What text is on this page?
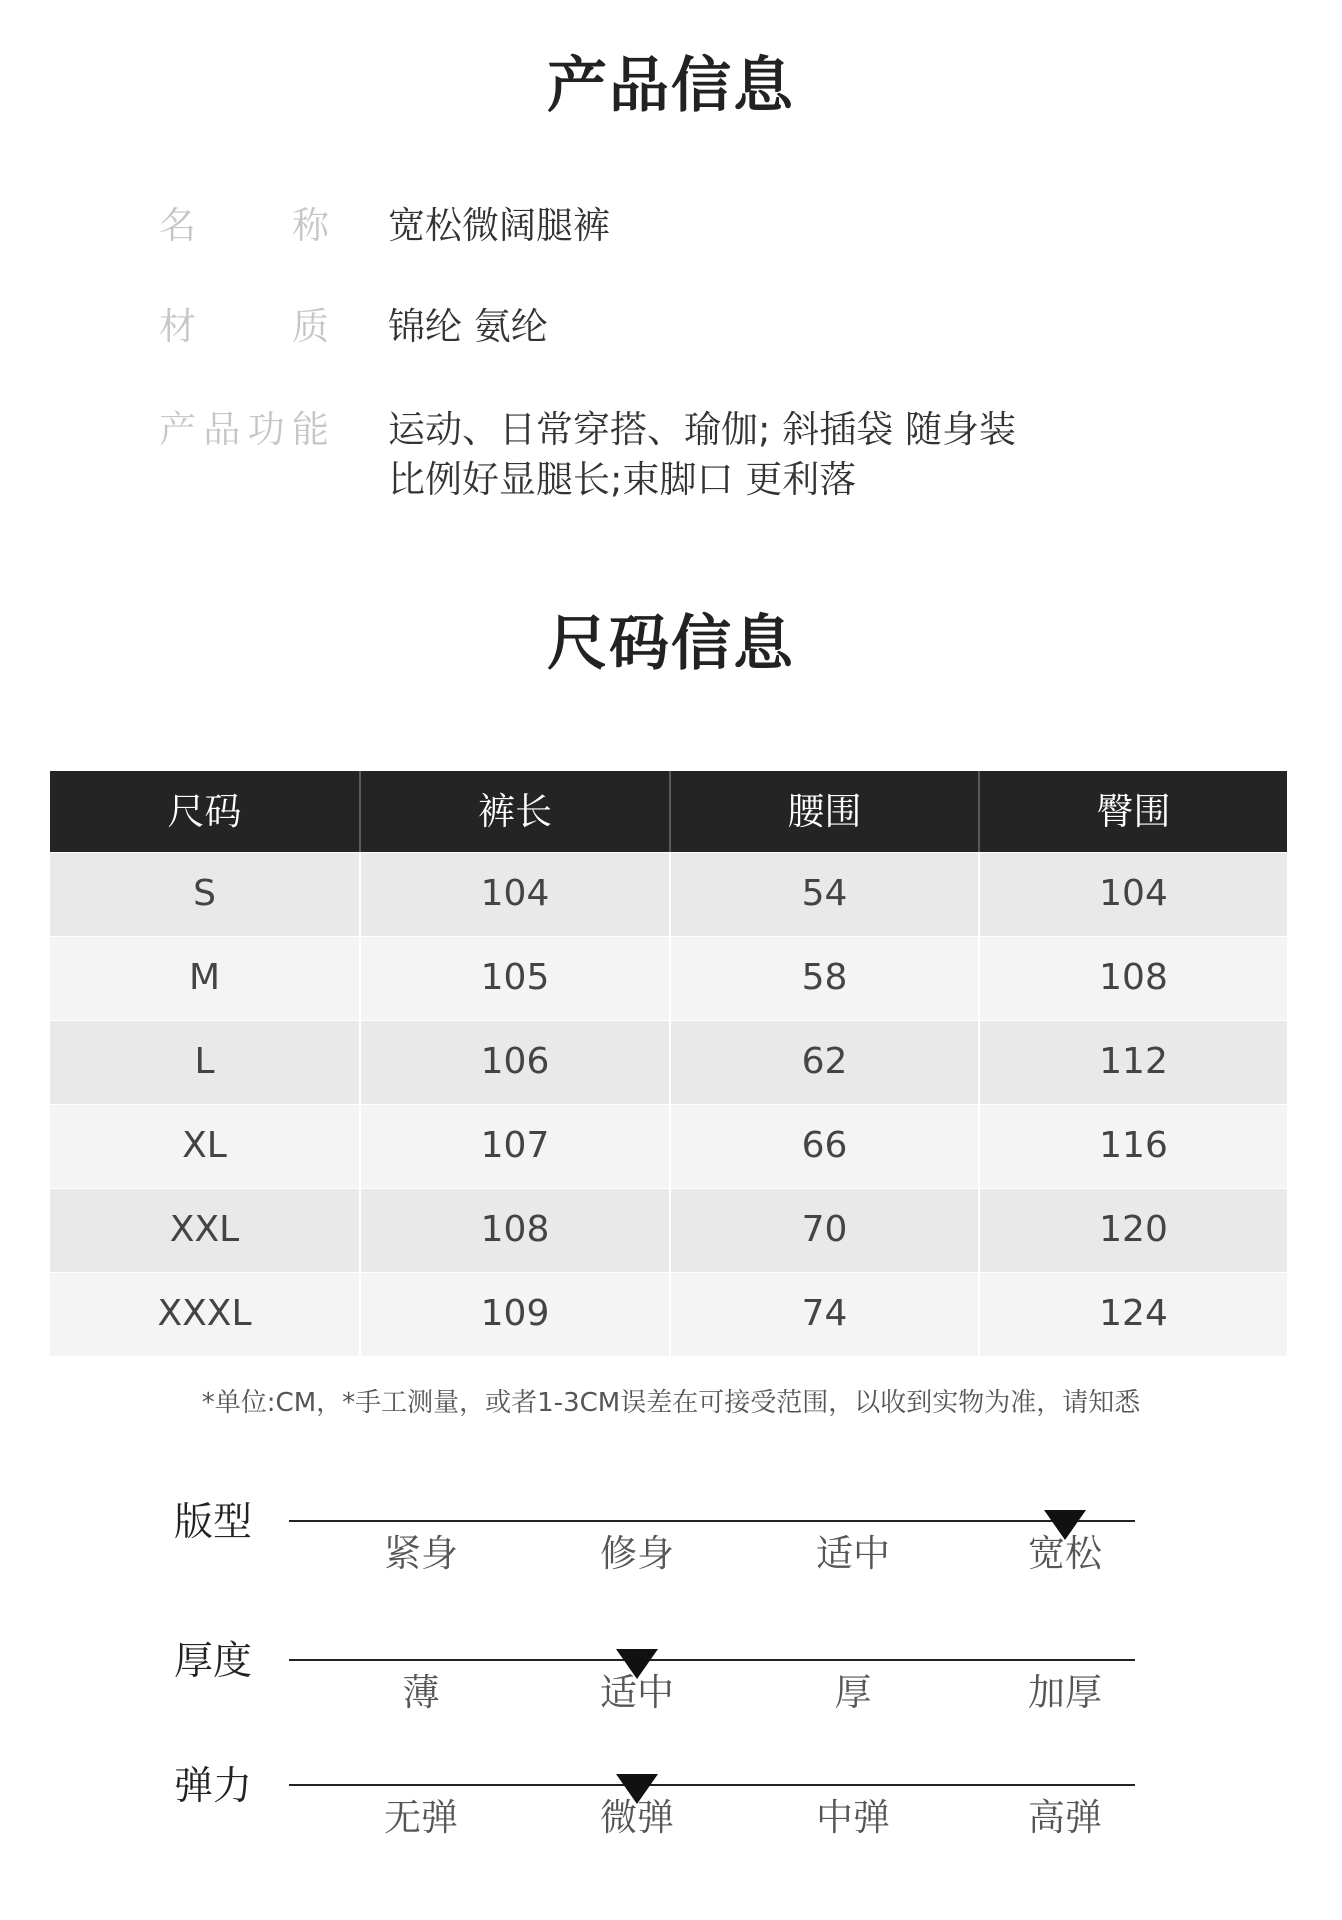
产品信息
名称 宽松微阔腿裤
材质 锦纶 氨纶
产品功能 运动、日常穿搭、瑜伽; 斜插袋 随身装
比例好显腿长;束脚口 更利落
尺码信息
尺码	裤长	腰围	臀围
S	104	54	104
M	105	58	108
L	106	62	112
XL	107	66	116
XXL	108	70	120
XXXL	109	74	124
*单位:CM，*手工测量，或者1-3CM误差在可接受范围，以收到实物为准，请知悉
版型
紧身	修身	适中	宽松
厚度
薄	适中	厚	加厚
弹力
无弹	微弹	中弹	高弹
